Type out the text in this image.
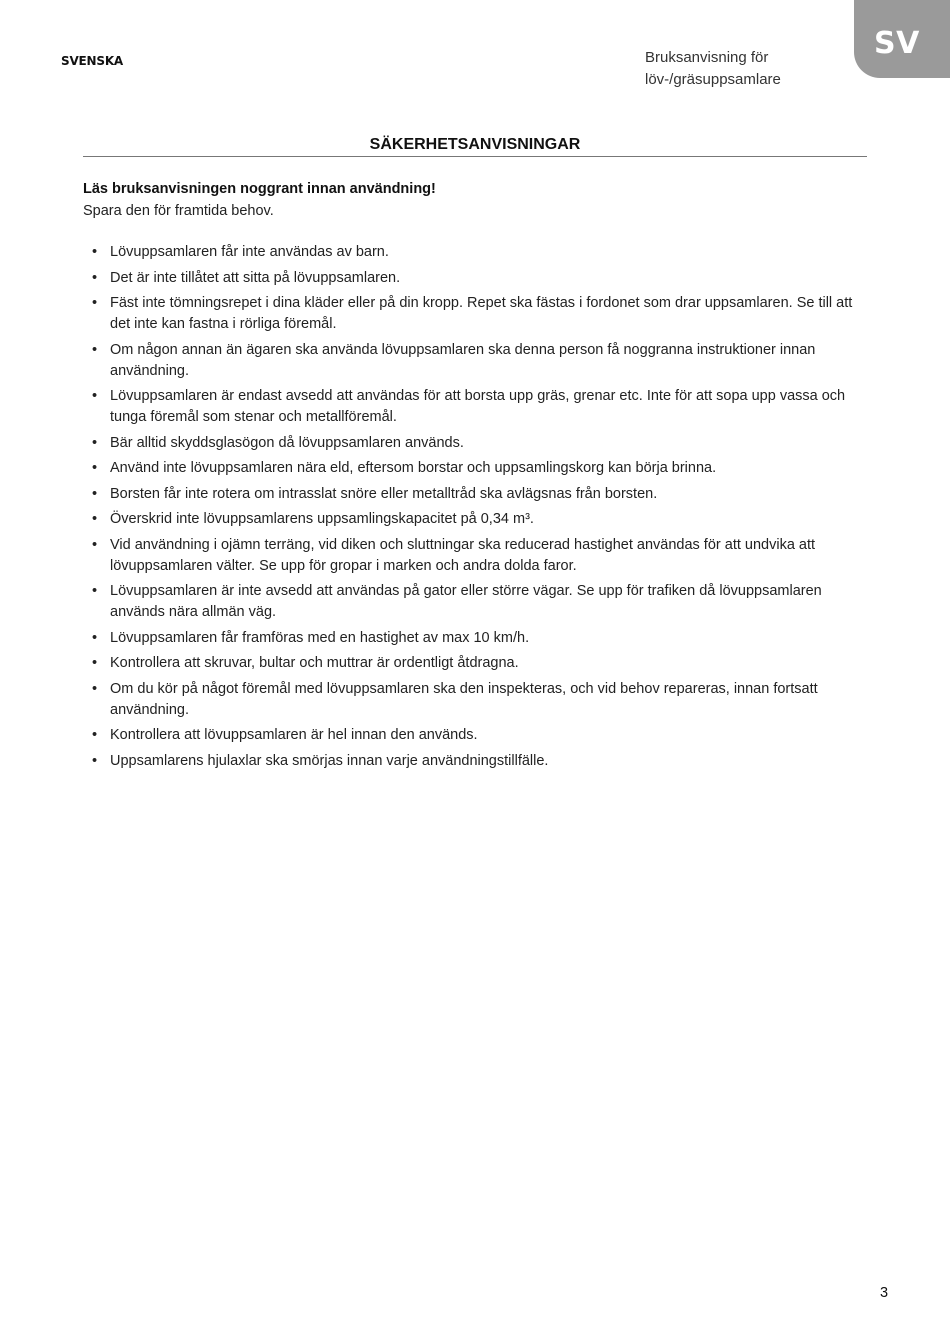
SVENSKA	Bruksanvisning för
löv-/gräsuppsamlare
SV
SÄKERHETSANVISNINGAR
Läs bruksanvisningen noggrant innan användning!
Spara den för framtida behov.
• Lövuppsamlaren får inte användas av barn.
• Det är inte tillåtet att sitta på lövuppsamlaren.
• Fäst inte tömningsrepet i dina kläder eller på din kropp. Repet ska fästas i fordonet som drar uppsamlaren. Se till att det inte kan fastna i rörliga föremål.
• Om någon annan än ägaren ska använda lövuppsamlaren ska denna person få noggranna instruktioner innan användning.
• Lövuppsamlaren är endast avsedd att användas för att borsta upp gräs, grenar etc. Inte för att sopa upp vassa och tunga föremål som stenar och metallföremål.
• Bär alltid skyddsglasögon då lövuppsamlaren används.
• Använd inte lövuppsamlaren nära eld, eftersom borstar och uppsamlingskorg kan börja brinna.
• Borsten får inte rotera om intrasslat snöre eller metalltråd ska avlägsnas från borsten.
• Överskrid inte lövuppsamlarens uppsamlingskapacitet på 0,34 m³.
• Vid användning i ojämn terräng, vid diken och sluttningar ska reducerad hastighet användas för att undvika att lövuppsamlaren välter. Se upp för gropar i marken och andra dolda faror.
• Lövuppsamlaren är inte avsedd att användas på gator eller större vägar. Se upp för trafiken då lövuppsamlaren används nära allmän väg.
• Lövuppsamlaren får framföras med en hastighet av max 10 km/h.
• Kontrollera att skruvar, bultar och muttrar är ordentligt åtdragna.
• Om du kör på något föremål med lövuppsamlaren ska den inspekteras, och vid behov repareras, innan fortsatt användning.
• Kontrollera att lövuppsamlaren är hel innan den används.
• Uppsamlarens hjulaxlar ska smörjas innan varje användningstillfälle.
3
